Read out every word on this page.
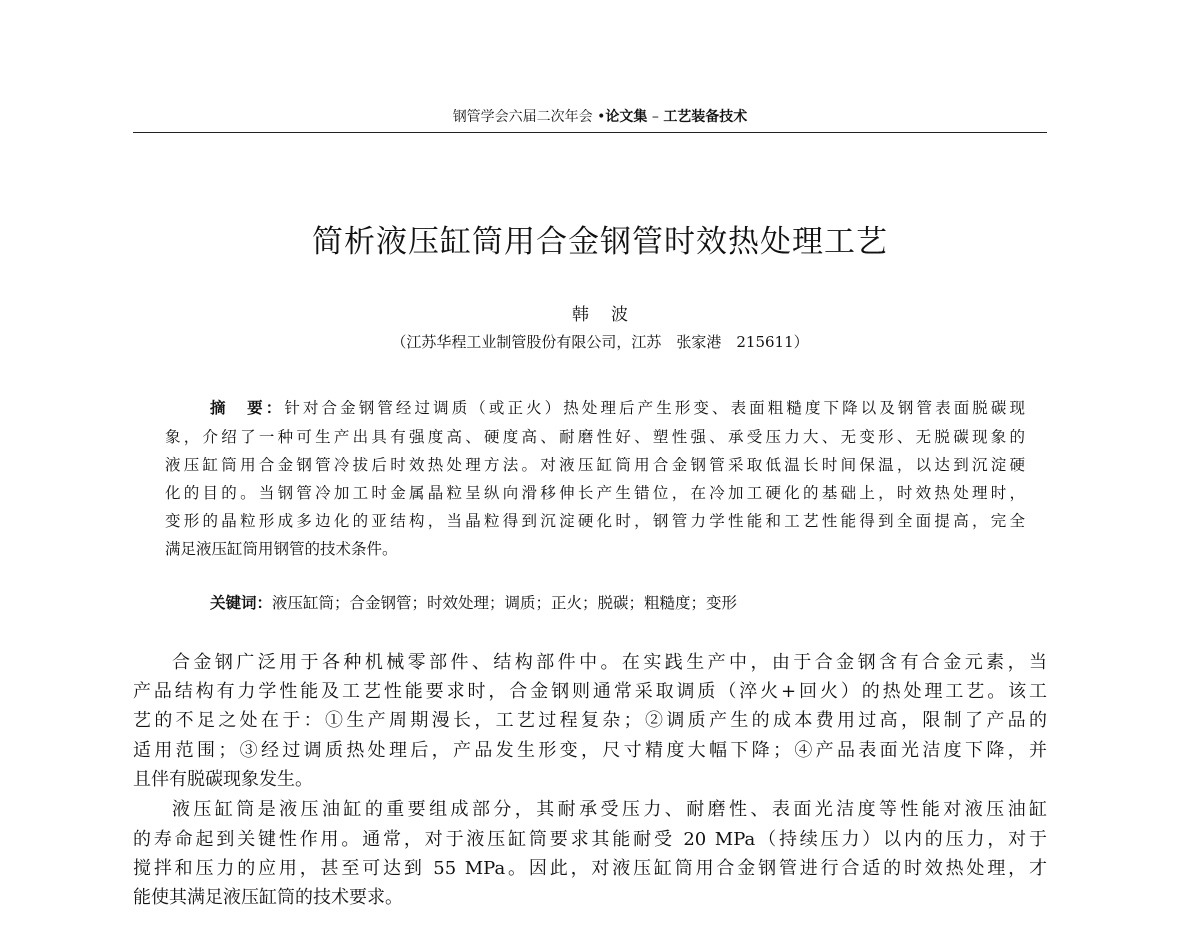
钢管学会六届二次年会 •论文集 – 工艺装备技术
简析液压缸筒用合金钢管时效热处理工艺
韩波
（江苏华程工业制管股份有限公司，江苏　张家港　215611）
摘　要：针对合金钢管经过调质（或正火）热处理后产生形变、表面粗糙度下降以及钢管表面脱碳现
象，介绍了一种可生产出具有强度高、硬度高、耐磨性好、塑性强、承受压力大、无变形、无脱碳现象的
液压缸筒用合金钢管冷拔后时效热处理方法。对液压缸筒用合金钢管采取低温长时间保温，以达到沉淀硬
化的目的。当钢管冷加工时金属晶粒呈纵向滑移伸长产生错位，在冷加工硬化的基础上，时效热处理时，
变形的晶粒形成多边化的亚结构，当晶粒得到沉淀硬化时，钢管力学性能和工艺性能得到全面提高，完全
满足液压缸筒用钢管的技术条件。
关键词：液压缸筒；合金钢管；时效处理；调质；正火；脱碳；粗糙度；变形
合金钢广泛用于各种机械零部件、结构部件中。在实践生产中，由于合金钢含有合金元素，当
产品结构有力学性能及工艺性能要求时，合金钢则通常采取调质（淬火+回火）的热处理工艺。该工
艺的不足之处在于：①生产周期漫长，工艺过程复杂；②调质产生的成本费用过高，限制了产品的
适用范围；③经过调质热处理后，产品发生形变，尺寸精度大幅下降；④产品表面光洁度下降，并
且伴有脱碳现象发生。
液压缸筒是液压油缸的重要组成部分，其耐承受压力、耐磨性、表面光洁度等性能对液压油缸
的寿命起到关键性作用。通常，对于液压缸筒要求其能耐受 20 MPa（持续压力）以内的压力，对于
搅拌和压力的应用，甚至可达到 55 MPa。因此，对液压缸筒用合金钢管进行合适的时效热处理，才
能使其满足液压缸筒的技术要求。
